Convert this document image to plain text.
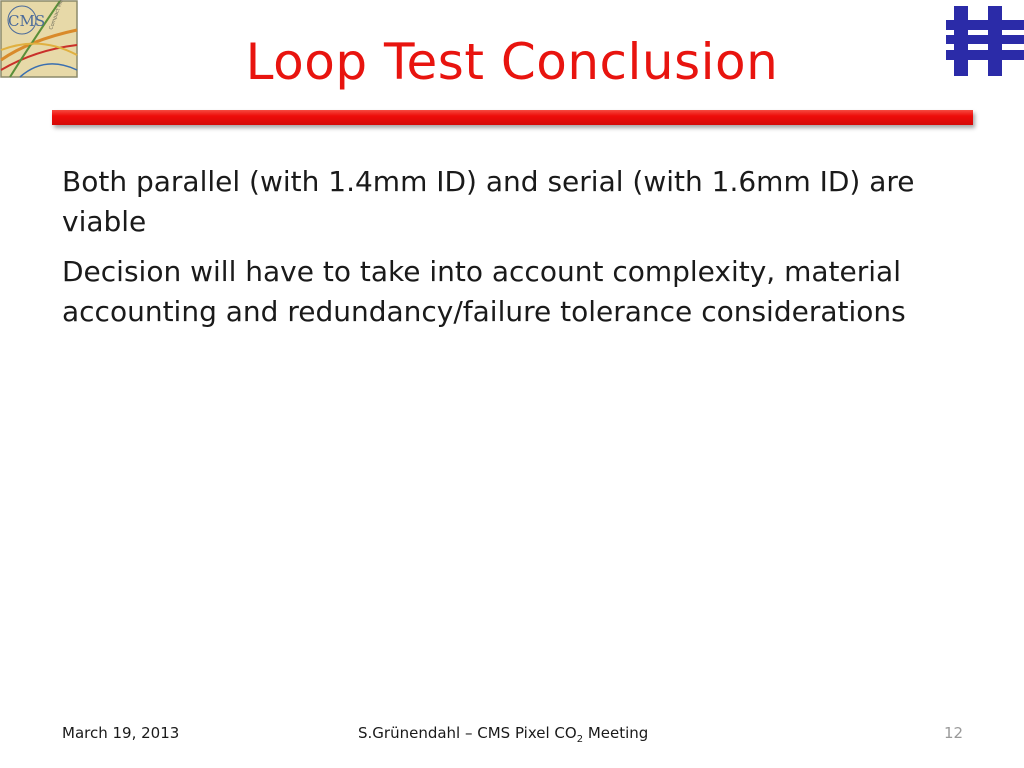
CMS
Loop Test Conclusion

Both parallel (with 1.4mm ID) and serial (with 1.6mm ID) are viable

Decision will have to take into account complexity, material accounting and redundancy/failure tolerance considerations

March 19, 2013	S.Grünendahl – CMS Pixel $CO_2$ Meeting	12
